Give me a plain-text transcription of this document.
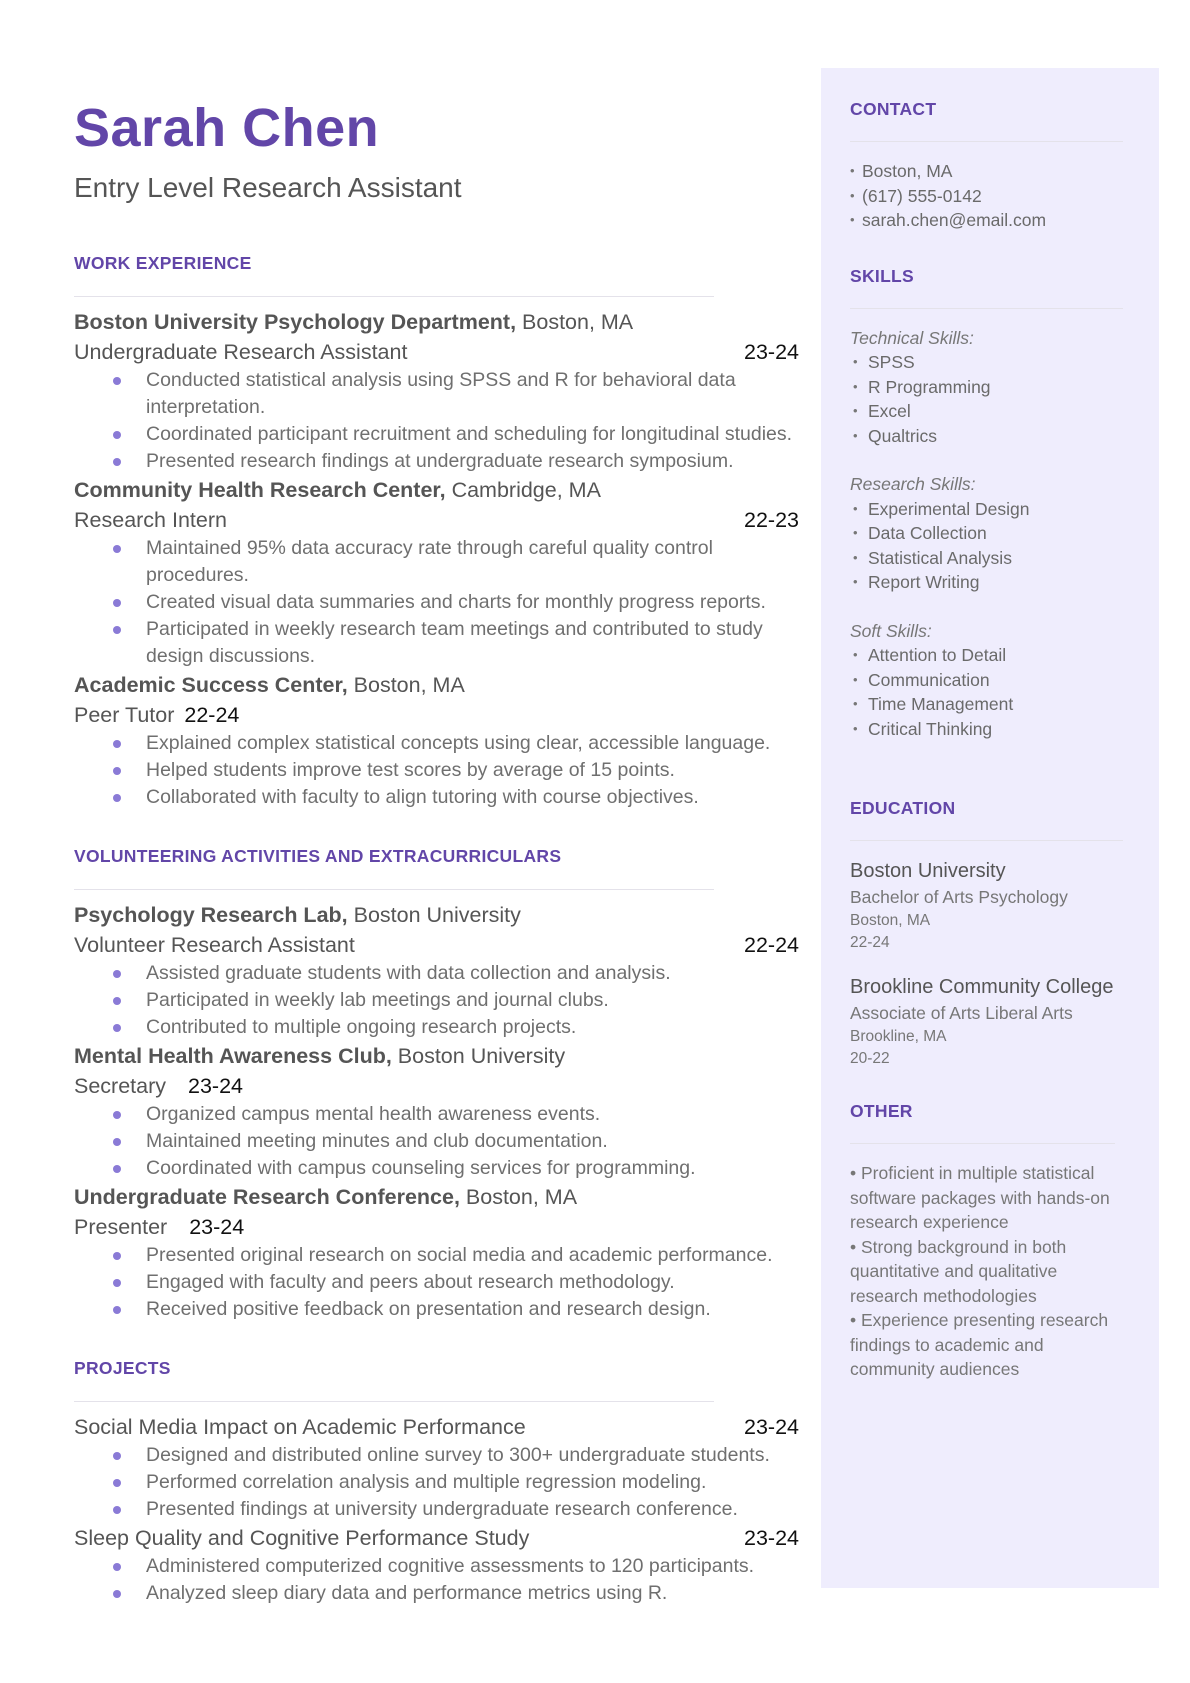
Sarah Chen
Entry Level Research Assistant
WORK EXPERIENCE
Boston University Psychology Department, Boston, MA
Undergraduate Research Assistant	23-24
Conducted statistical analysis using SPSS and R for behavioral data interpretation.
Coordinated participant recruitment and scheduling for longitudinal studies.
Presented research findings at undergraduate research symposium.
Community Health Research Center, Cambridge, MA
Research Intern	22-23
Maintained 95% data accuracy rate through careful quality control procedures.
Created visual data summaries and charts for monthly progress reports.
Participated in weekly research team meetings and contributed to study design discussions.
Academic Success Center, Boston, MA
Peer Tutor 22-24
Explained complex statistical concepts using clear, accessible language.
Helped students improve test scores by average of 15 points.
Collaborated with faculty to align tutoring with course objectives.
VOLUNTEERING ACTIVITIES AND EXTRACURRICULARS
Psychology Research Lab, Boston University
Volunteer Research Assistant	22-24
Assisted graduate students with data collection and analysis.
Participated in weekly lab meetings and journal clubs.
Contributed to multiple ongoing research projects.
Mental Health Awareness Club, Boston University
Secretary 23-24
Organized campus mental health awareness events.
Maintained meeting minutes and club documentation.
Coordinated with campus counseling services for programming.
Undergraduate Research Conference, Boston, MA
Presenter 23-24
Presented original research on social media and academic performance.
Engaged with faculty and peers about research methodology.
Received positive feedback on presentation and research design.
PROJECTS
Social Media Impact on Academic Performance	23-24
Designed and distributed online survey to 300+ undergraduate students.
Performed correlation analysis and multiple regression modeling.
Presented findings at university undergraduate research conference.
Sleep Quality and Cognitive Performance Study	23-24
Administered computerized cognitive assessments to 120 participants.
Analyzed sleep diary data and performance metrics using R.
CONTACT
• Boston, MA
• (617) 555-0142
• sarah.chen@email.com
SKILLS
Technical Skills:
• SPSS
• R Programming
• Excel
• Qualtrics
Research Skills:
• Experimental Design
• Data Collection
• Statistical Analysis
• Report Writing
Soft Skills:
• Attention to Detail
• Communication
• Time Management
• Critical Thinking
EDUCATION
Boston University
Bachelor of Arts Psychology
Boston, MA
22-24
Brookline Community College
Associate of Arts Liberal Arts
Brookline, MA
20-22
OTHER

• Proficient in multiple statistical software packages with hands-on research experience

• Strong background in both quantitative and qualitative research methodologies

• Experience presenting research findings to academic and community audiences
